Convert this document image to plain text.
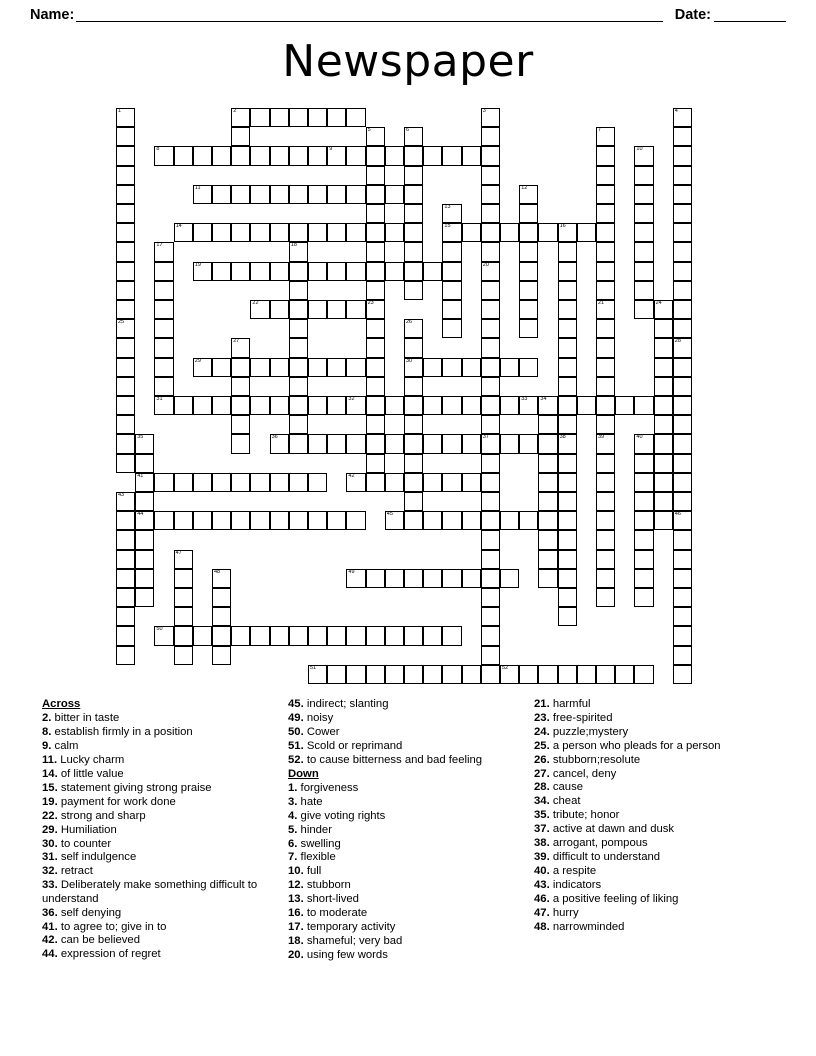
Name:	Date:
Newspaper
1
25
2	3
20
37
4
28
46
5
23
6	7
21
8	9	10
11	12
13
15
14	16
38
17
31
18
19
39
22	24
26
30
27
29
32	33 34
35
41
44
36	40
42
43
45
47
48	49
50
51	52
Across
2. bitter in taste
8. establish firmly in a position
9. calm
11. Lucky charm
14. of little value
15. statement giving strong praise
19. payment for work done
22. strong and sharp
29. Humiliation
30. to counter
31. self indulgence
32. retract
33. Deliberately make something difficult to understand
36. self denying
41. to agree to; give in to
42. can be believed
44. expression of regret
45. indirect; slanting
49. noisy
50. Cower
51. Scold or reprimand
52. to cause bitterness and bad feeling
Down
1. forgiveness
3. hate
4. give voting rights
5. hinder
6. swelling
7. flexible
10. full
12. stubborn
13. short-lived
16. to moderate
17. temporary activity
18. shameful; very bad
20. using few words
21. harmful
23. free-spirited
24. puzzle;mystery
25. a person who pleads for a person
26. stubborn;resolute
27. cancel, deny
28. cause
34. cheat
35. tribute; honor
37. active at dawn and dusk
38. arrogant, pompous
39. difficult to understand
40. a respite
43. indicators
46. a positive feeling of liking
47. hurry
48. narrowminded
